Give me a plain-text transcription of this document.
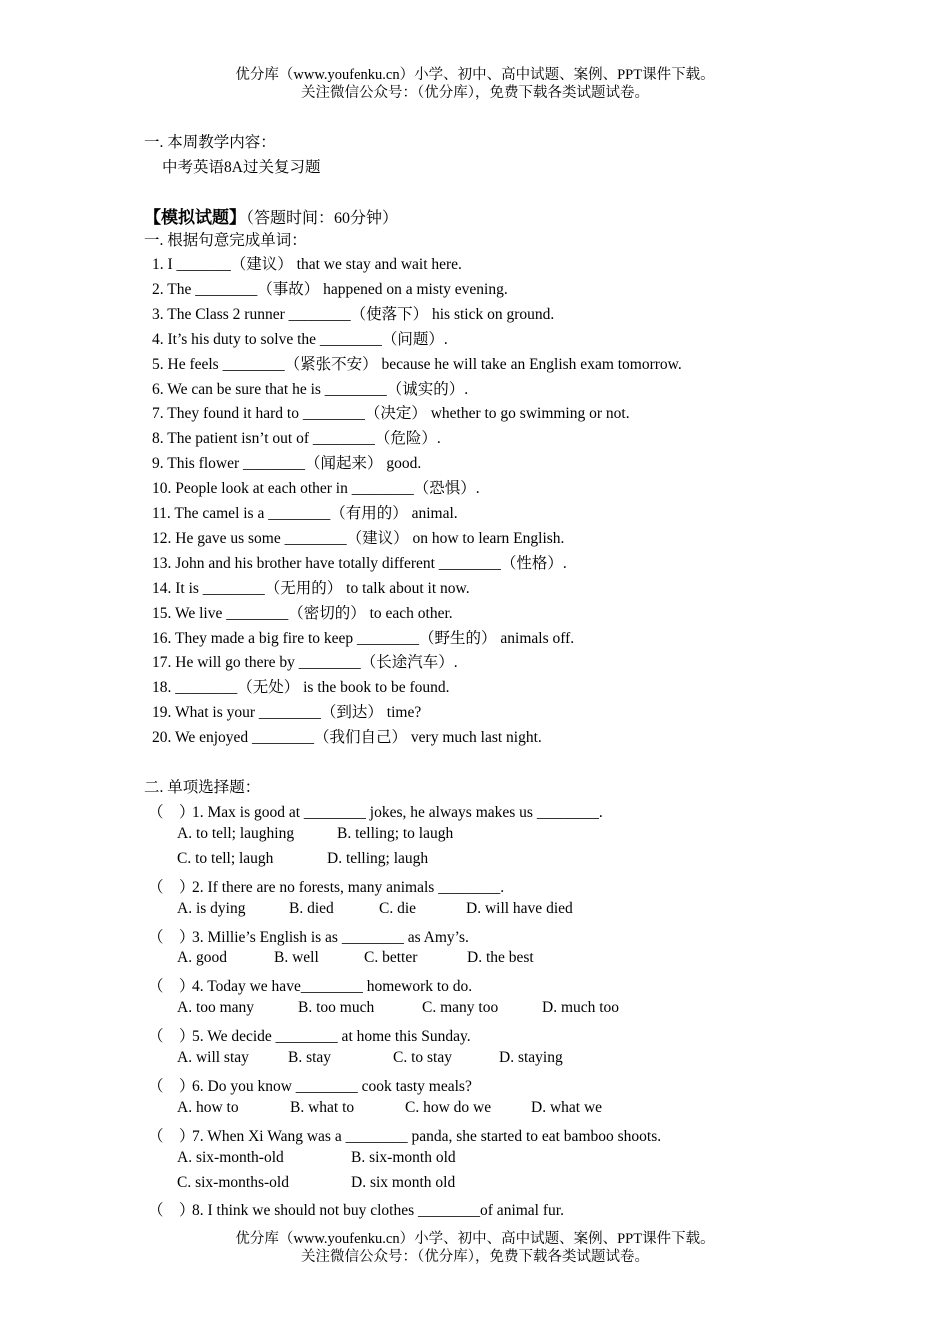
优分库（www.youfenku.cn）小学、初中、高中试题、案例、PPT课件下载。
关注微信公众号：（优分库），免费下载各类试题试卷。
一. 本周教学内容：
中考英语8A过关复习题
【模拟试题】（答题时间：60分钟）
一. 根据句意完成单词：
1. I _______（建议） that we stay and wait here.
2. The ________（事故） happened on a misty evening.
3. The Class 2 runner ________（使落下） his stick on ground.
4. It’s his duty to solve the ________（问题）.
5. He feels ________（紧张不安） because he will take an English exam tomorrow.
6. We can be sure that he is ________（诚实的）.
7. They found it hard to ________（决定） whether to go swimming or not.
8. The patient isn’t out of ________（危险）.
9. This flower ________（闻起来） good.
10. People look at each other in ________（恐惧）.
11. The camel is a ________（有用的） animal.
12. He gave us some ________（建议） on how to learn English.
13. John and his brother have totally different ________（性格）.
14. It is ________（无用的） to talk about it now.
15. We live ________（密切的） to each other.
16. They made a big fire to keep ________（野生的） animals off.
17. He will go there by ________（长途汽车）.
18. ________（无处） is the book to be found.
19. What is your ________（到达） time?
20. We enjoyed ________（我们自己） very much last night.
二. 单项选择题：
（　）1. Max is good at ________ jokes, he always makes us ________.
A. to tell; laughing	B. telling; to laugh
C. to tell; laugh	D. telling; laugh
（　）2. If there are no forests, many animals ________.
A. is dying	B. died	C. die	D. will have died
（　）3. Millie’s English is as ________ as Amy’s.
A. good	B. well	C. better	D. the best
（　）4. Today we have________ homework to do.
A. too many	B. too much	C. many too	D. much too
（　）5. We decide ________ at home this Sunday.
A. will stay	B. stay	C. to stay	D. staying
（　）6. Do you know ________ cook tasty meals?
A. how to	B. what to	C. how do we	D. what we
（　）7. When Xi Wang was a ________ panda, she started to eat bamboo shoots.
A. six-month-old	B. six-month old
C. six-months-old	D. six month old
（　）8. I think we should not buy clothes ________of animal fur.
优分库（www.youfenku.cn）小学、初中、高中试题、案例、PPT课件下载。
关注微信公众号：（优分库），免费下载各类试题试卷。
